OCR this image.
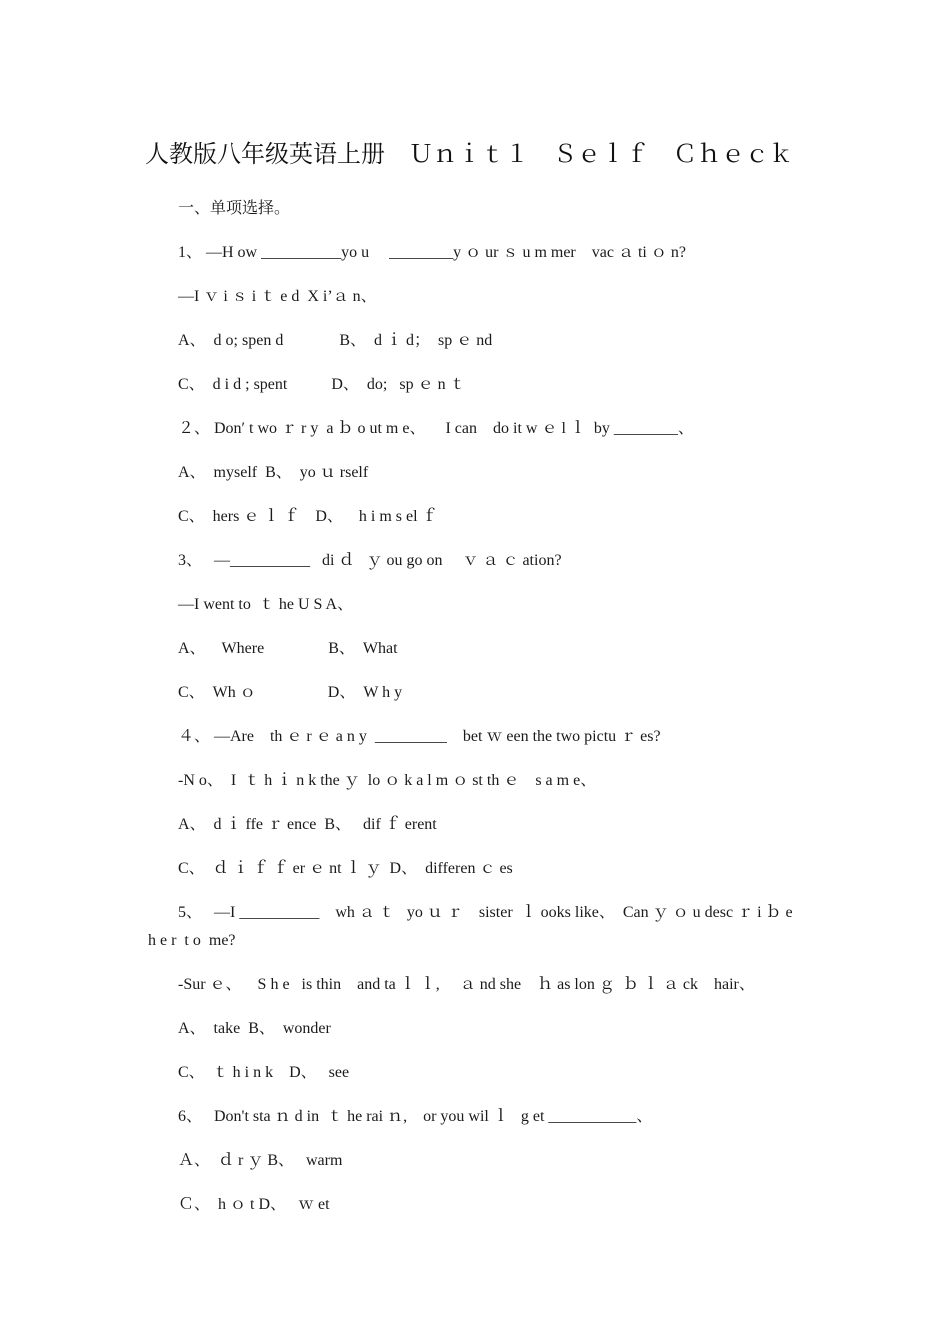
人教版八年级英语上册　Ｕｎｉｔ１　Ｓｅｌｆ　Ｃｈｅｃｋ
一、单项选择。
1、 —H ow __________yo u     ________y ｏ ur ｓ u m mer    vac ａ ti ｏ n?
—I ｖ i ｓ i ｔ e d  X i’ａ n、
A、  d o; spen d              B、  d ｉ d；  sp ｅ nd
C、  d i d ; spent           D、  do;   sp ｅ n ｔ
２、 Don′ t wo ｒ r y  a ｂ o ut m e、     I can    do it w ｅ l ｌ  by ________、
A、  myself  B、  yo ｕ rself
C、  hers ｅ ｌ ｆ    D、    h i m s el ｆ
3、   —__________   di ｄ   ｙ ou go on     ｖ ａ ｃ ation?
—I went to  ｔ he U S A、
A、    Where                B、  What
C、  Wh ｏ                  D、  W h y
４、 —Are    th ｅ r ｅ a n y  _________    bet ｗ een the two pictu ｒ es?
-N o、  I  ｔ h ｉ n k the ｙ  lo ｏ k a l m ｏ st th ｅ    s a m e、
A、  d ｉ ffe ｒ ence  B、   dif ｆ erent
C、  ｄ ｉ ｆ ｆ er ｅ nt ｌ ｙ  D、  differen ｃ es
5、   —I __________    wh ａ ｔ   yo ｕ ｒ    sister  ｌ ooks like、  Can ｙ ｏ u desc ｒ i ｂ e
h e r  t o  me?
-Sur ｅ、    S h e   is thin    and ta ｌ ｌ,     ａ nd she    ｈ as lon ｇ  ｂ ｌ ａ ck    hair、
A、  take  B、  wonder
C、  ｔ h i n k    D、   see
6、   Don't sta ｎ d in  ｔ he rai ｎ,    or you wil ｌ   g et ___________、
Ａ、  ｄ r ｙ B、   warm
Ｃ、  h ｏ t D、   ｗ et
